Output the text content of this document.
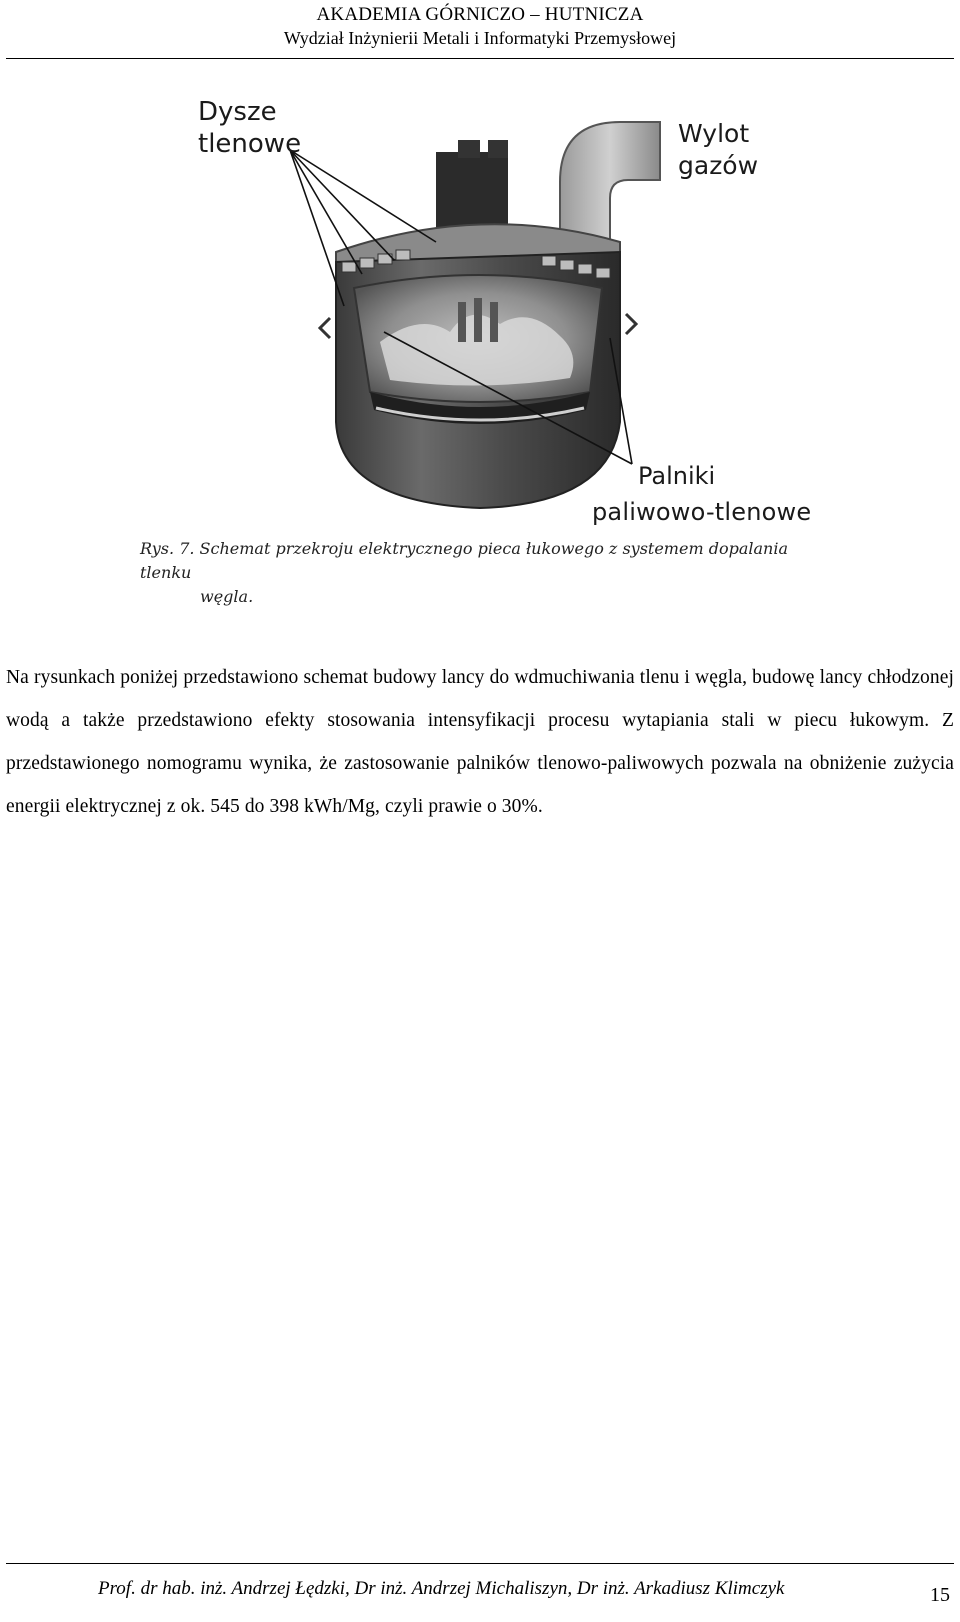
AKADEMIA GÓRNICZO – HUTNICZA
Wydział Inżynierii Metali i Informatyki Przemysłowej
Dysze
tlenowe	Wylot
gazów
Palniki
paliwowo-tlenowe
Rys. 7. Schemat przekroju elektrycznego pieca łukowego z systemem dopalania tlenku
węgla.
Na rysunkach poniżej przedstawiono schemat budowy lancy do wdmuchiwania tlenu i węgla, budowę lancy chłodzonej wodą a także przedstawiono efekty stosowania intensyfikacji procesu wytapiania stali w piecu łukowym. Z przedstawionego nomogramu wynika, że zastosowanie palników tlenowo-paliwowych pozwala na obniżenie zużycia energii elektrycznej z ok. 545 do 398 kWh/Mg, czyli prawie o 30%.
Prof. dr hab. inż. Andrzej Łędzki, Dr inż. Andrzej Michaliszyn, Dr inż. Arkadiusz Klimczyk	15
